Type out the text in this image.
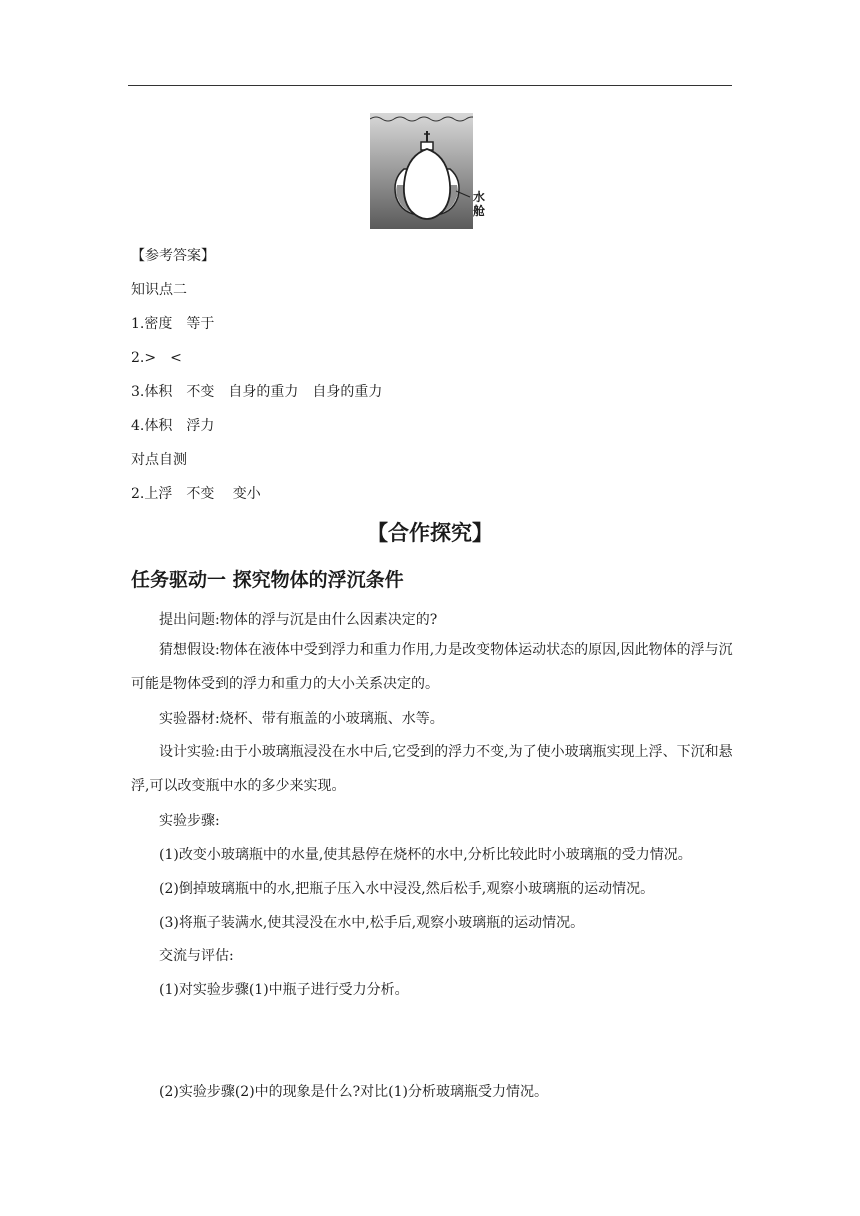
水
舱
【参考答案】
知识点二
1.密度　等于
2.>　<
3.体积　不变　自身的重力　自身的重力
4.体积　浮力
对点自测
2.上浮　不变　 变小
【合作探究】
任务驱动一 探究物体的浮沉条件
提出问题:物体的浮与沉是由什么因素决定的?
猜想假设:物体在液体中受到浮力和重力作用,力是改变物体运动状态的原因,因此物体的浮与沉可能是物体受到的浮力和重力的大小关系决定的。
实验器材:烧杯、带有瓶盖的小玻璃瓶、水等。
设计实验:由于小玻璃瓶浸没在水中后,它受到的浮力不变,为了使小玻璃瓶实现上浮、下沉和悬浮,可以改变瓶中水的多少来实现。
实验步骤:
(1)改变小玻璃瓶中的水量,使其悬停在烧杯的水中,分析比较此时小玻璃瓶的受力情况。
(2)倒掉玻璃瓶中的水,把瓶子压入水中浸没,然后松手,观察小玻璃瓶的运动情况。
(3)将瓶子装满水,使其浸没在水中,松手后,观察小玻璃瓶的运动情况。
交流与评估:
(1)对实验步骤(1)中瓶子进行受力分析。
(2)实验步骤(2)中的现象是什么?对比(1)分析玻璃瓶受力情况。
